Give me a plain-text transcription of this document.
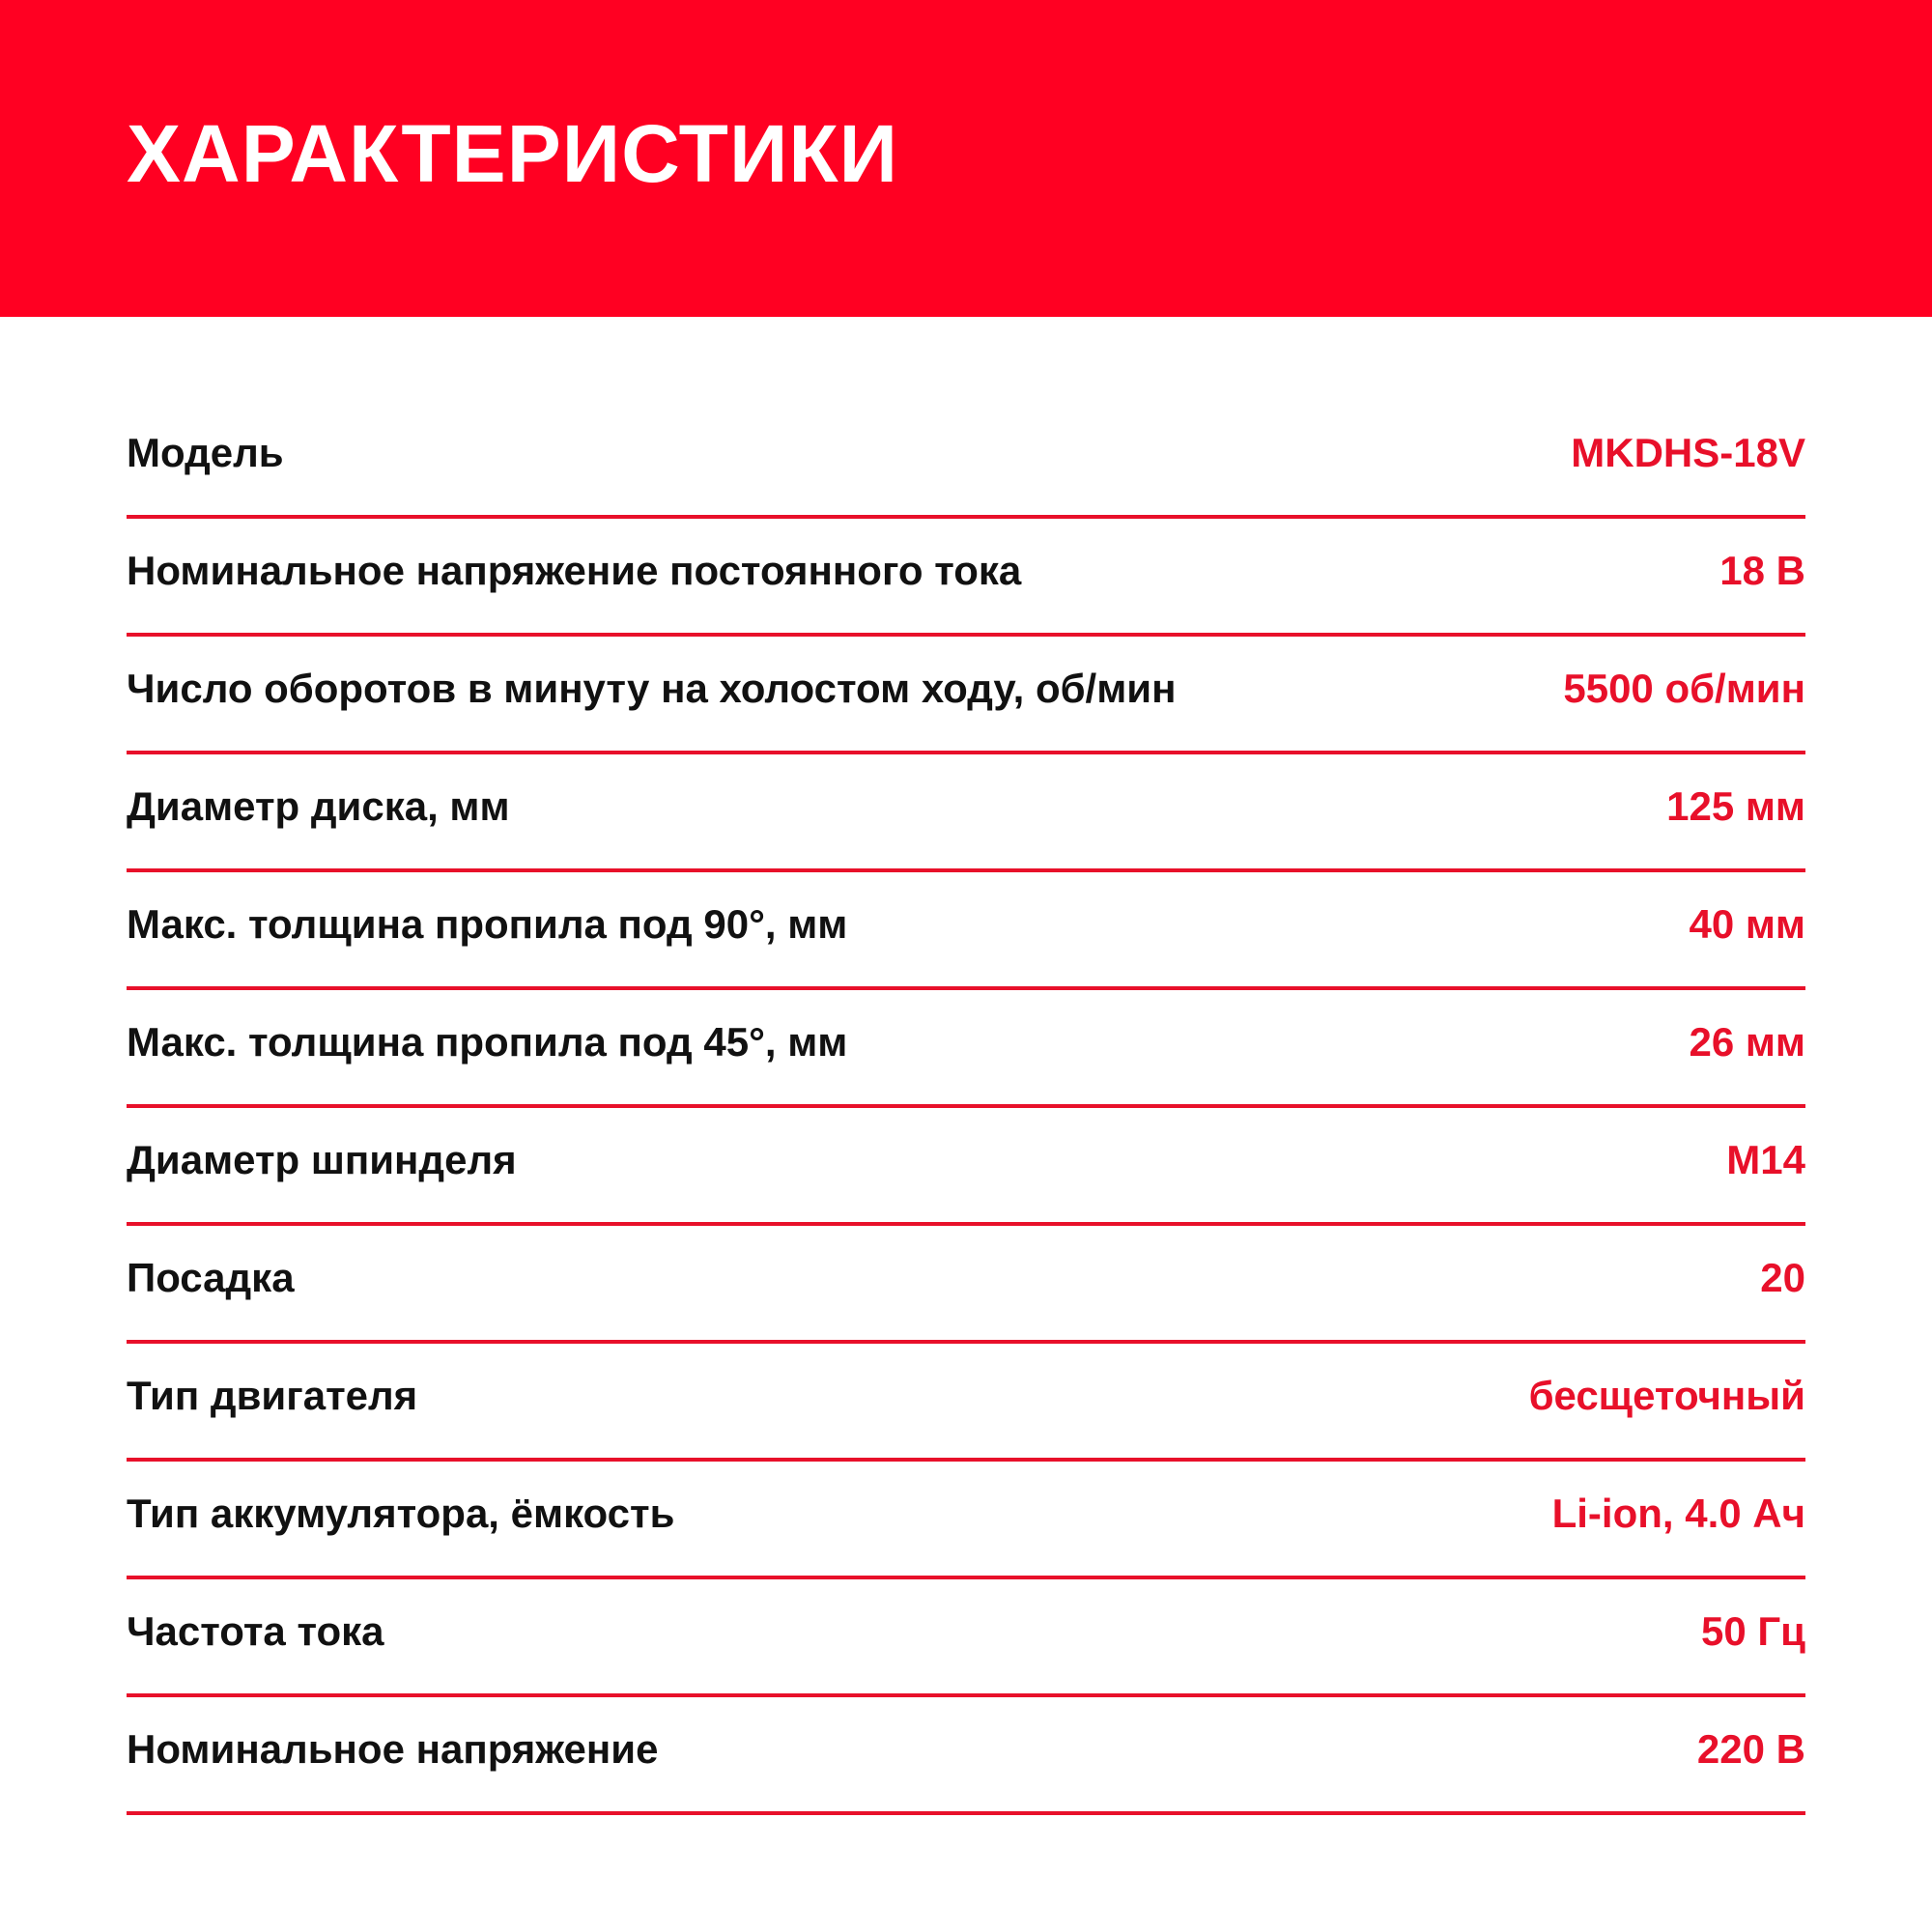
ХАРАКТЕРИСТИКИ
Модель	MKDHS-18V
Номинальное напряжение постоянного тока	18 В
Число оборотов в минуту на холостом ходу, об/мин	5500 об/мин
Диаметр диска, мм	125 мм
Макс. толщина пропила под 90°, мм	40 мм
Макс. толщина пропила под 45°, мм	26 мм
Диаметр шпинделя	М14
Посадка	20
Тип двигателя	бесщеточный
Тип аккумулятора, ёмкость	Li-ion, 4.0 Ач
Частота тока	50 Гц
Номинальное напряжение	220 В
